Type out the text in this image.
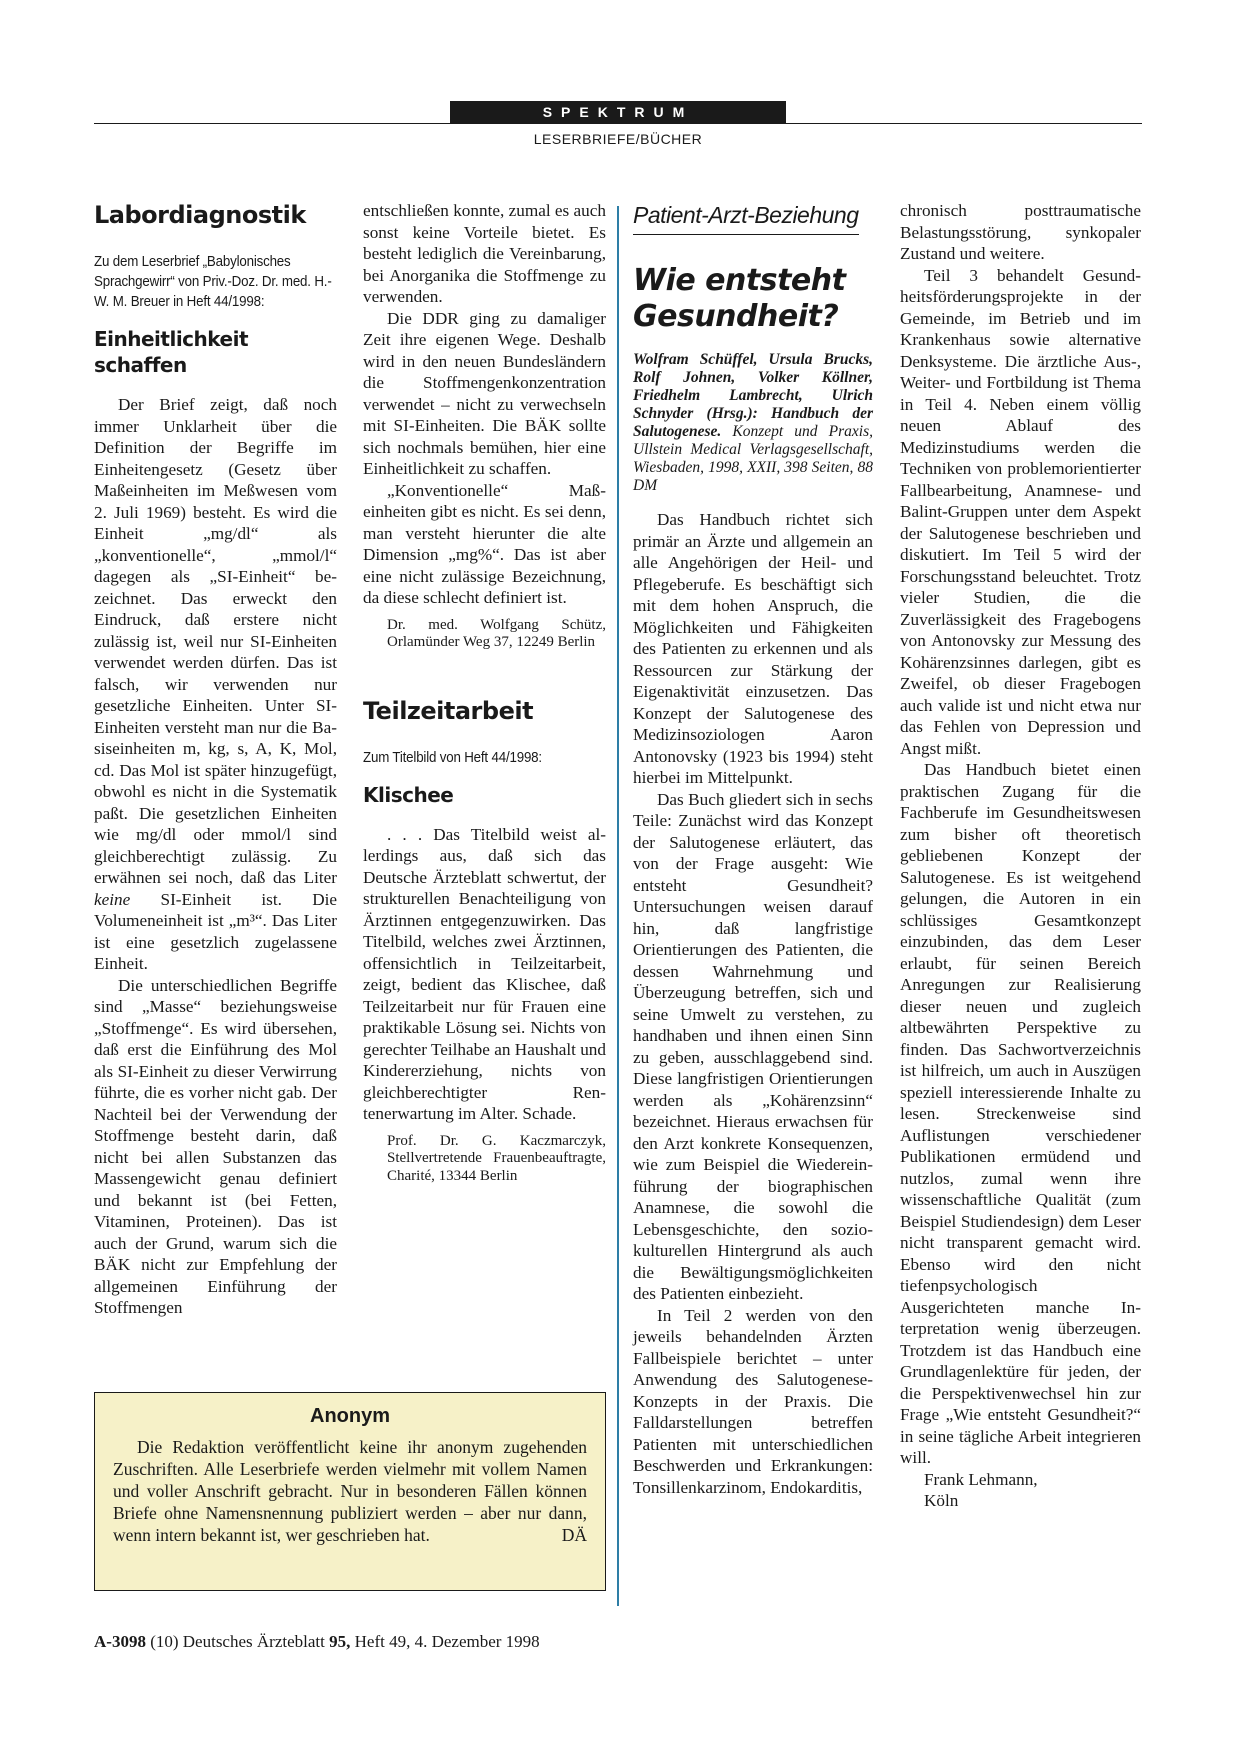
SPEKTRUM
LESERBRIEFE/BÜCHER
Labordiagnostik
Zu dem Leserbrief „Babylonisches Sprachgewirr“ von Priv.-Doz. Dr. med. H.-W. M. Breuer in Heft 44/1998:
Einheitlichkeit schaffen

Der Brief zeigt, daß noch immer Unklarheit über die Definition der Begriffe im Einheitengesetz (Gesetz über Maßeinheiten im Meßwesen vom 2. Juli 1969) besteht. Es wird die Einheit „mg/dl“ als „konventionelle“, „mmol/l“ dagegen als „SI-Einheit“ bezeichnet. Das erweckt den Eindruck, daß erstere nicht zulässig ist, weil nur SI-Einheiten verwendet werden dürfen. Das ist falsch, wir verwenden nur gesetzliche Einheiten. Unter SI-Einheiten versteht man nur die Basiseinheiten m, kg, s, A, K, Mol, cd. Das Mol ist später hinzugefügt, obwohl es nicht in die Systematik paßt. Die gesetzlichen Einheiten wie mg/dl oder mmol/l sind gleichberechtigt zulässig. Zu erwähnen sei noch, daß das Liter keine SI-Einheit ist. Die Volumeneinheit ist „m³“. Das Liter ist eine gesetzlich zugelassene Einheit.

Die unterschiedlichen Begriffe sind „Masse“ beziehungsweise „Stoffmenge“. Es wird übersehen, daß erst die Einführung des Mol als SI-Einheit zu dieser Verwirrung führte, die es vorher nicht gab. Der Nachteil bei der Verwendung der Stoffmenge besteht darin, daß nicht bei allen Substanzen das Massengewicht genau definiert und bekannt ist (bei Fetten, Vitaminen, Proteinen). Das ist auch der Grund, warum sich die BÄK nicht zur Empfehlung der allgemeinen Einführung der Stoffmengen

entschließen konnte, zumal es auch sonst keine Vorteile bietet. Es besteht lediglich die Vereinbarung, bei Anorganika die Stoffmenge zu verwenden.

Die DDR ging zu damaliger Zeit ihre eigenen Wege. Deshalb wird in den neuen Bundesländern die Stoffmengenkonzentration verwendet – nicht zu verwechseln mit SI-Einheiten. Die BÄK sollte sich nochmals bemühen, hier eine Einheitlichkeit zu schaffen.

„Konventionelle“ Maßeinheiten gibt es nicht. Es sei denn, man versteht hierunter die alte Dimension „mg%“. Das ist aber eine nicht zulässige Bezeichnung, da diese schlecht definiert ist.

Dr. med. Wolfgang Schütz, Orlamünder Weg 37, 12249 Berlin
Teilzeitarbeit
Zum Titelbild von Heft 44/1998:
Klischee

. . . Das Titelbild weist allerdings aus, daß sich das Deutsche Ärzteblatt schwertut, der strukturellen Benachteiligung von Ärztinnen entgegenzuwirken. Das Titelbild, welches zwei Ärztinnen, offensichtlich in Teilzeitarbeit, zeigt, bedient das Klischee, daß Teilzeitarbeit nur für Frauen eine praktikable Lösung sei. Nichts von gerechter Teilhabe an Haushalt und Kindererziehung, nichts von gleichberechtigter Rentenerwartung im Alter. Schade.

Prof. Dr. G. Kaczmarczyk, Stellvertretende Frauenbeauftragte, Charité, 13344 Berlin
Anonym
Die Redaktion veröffentlicht keine ihr anonym zugehenden Zuschriften. Alle Leserbriefe werden vielmehr mit vollem Namen und voller Anschrift gebracht. Nur in besonderen Fällen können Briefe ohne Namensnennung publiziert werden – aber nur dann, wenn intern bekannt ist, wer geschrieben hat.	DÄ
Patient-Arzt-Beziehung
Wie entsteht Gesundheit?
Wolfram Schüffel, Ursula Brucks, Rolf Johnen, Volker Köllner, Friedhelm Lambrecht, Ulrich Schnyder (Hrsg.): Handbuch der Salutogenese. Konzept und Praxis, Ullstein Medical Verlagsgesellschaft, Wiesbaden, 1998, XXII, 398 Seiten, 88 DM

Das Handbuch richtet sich primär an Ärzte und allgemein an alle Angehörigen der Heil- und Pflegeberufe. Es beschäftigt sich mit dem hohen Anspruch, die Möglichkeiten und Fähigkeiten des Patienten zu erkennen und als Ressourcen zur Stärkung der Eigenaktivität einzusetzen. Das Konzept der Salutogenese des Medizinsoziologen Aaron Antonovsky (1923 bis 1994) steht hierbei im Mittelpunkt.

Das Buch gliedert sich in sechs Teile: Zunächst wird das Konzept der Salutogenese erläutert, das von der Frage ausgeht: Wie entsteht Gesundheit? Untersuchungen weisen darauf hin, daß langfristige Orientierungen des Patienten, die dessen Wahrnehmung und Überzeugung betreffen, sich und seine Umwelt zu verstehen, zu handhaben und ihnen einen Sinn zu geben, ausschlaggebend sind. Diese langfristigen Orientierungen werden als „Kohärenzsinn“ bezeichnet. Hieraus erwachsen für den Arzt konkrete Konsequenzen, wie zum Beispiel die Wiedereinführung der biographischen Anamnese, die sowohl die Lebensgeschichte, den soziokulturellen Hintergrund als auch die Bewältigungsmöglichkeiten des Patienten einbezieht.

In Teil 2 werden von den jeweils behandelnden Ärzten Fallbeispiele berichtet – unter Anwendung des Salutogenese-Konzepts in der Praxis. Die Falldarstellungen betreffen Patienten mit unterschiedlichen Beschwerden und Erkrankungen: Tonsillenkarzinom, Endokarditis,

chronisch posttraumatische Belastungsstörung, synkopaler Zustand und weitere.

Teil 3 behandelt Gesundheitsförderungsprojekte in der Gemeinde, im Betrieb und im Krankenhaus sowie alternative Denksysteme. Die ärztliche Aus-, Weiter- und Fortbildung ist Thema in Teil 4. Neben einem völlig neuen Ablauf des Medizinstudiums werden die Techniken von problemorientierter Fallbearbeitung, Anamnese- und Balint-Gruppen unter dem Aspekt der Salutogenese beschrieben und diskutiert. Im Teil 5 wird der Forschungsstand beleuchtet. Trotz vieler Studien, die die Zuverlässigkeit des Fragebogens von Antonovsky zur Messung des Kohärenzsinnes darlegen, gibt es Zweifel, ob dieser Fragebogen auch valide ist und nicht etwa nur das Fehlen von Depression und Angst mißt.

Das Handbuch bietet einen praktischen Zugang für die Fachberufe im Gesundheitswesen zum bisher oft theoretisch gebliebenen Konzept der Salutogenese. Es ist weitgehend gelungen, die Autoren in ein schlüssiges Gesamtkonzept einzubinden, das dem Leser erlaubt, für seinen Bereich Anregungen zur Realisierung dieser neuen und zugleich altbewährten Perspektive zu finden. Das Sachwortverzeichnis ist hilfreich, um auch in Auszügen speziell interessierende Inhalte zu lesen. Streckenweise sind Auflistungen verschiedener Publikationen ermüdend und nutzlos, zumal wenn ihre wissenschaftliche Qualität (zum Beispiel Studiendesign) dem Leser nicht transparent gemacht wird. Ebenso wird den nicht tiefenpsychologisch Ausgerichteten manche Interpretation wenig überzeugen. Trotzdem ist das Handbuch eine Grundlagenlektüre für jeden, der die Perspektivenwechsel hin zur Frage „Wie entsteht Gesundheit?“ in seine tägliche Arbeit integrieren will.

Frank Lehmann,

Köln

A-3098 (10) Deutsches Ärzteblatt 95, Heft 49, 4. Dezember 1998
